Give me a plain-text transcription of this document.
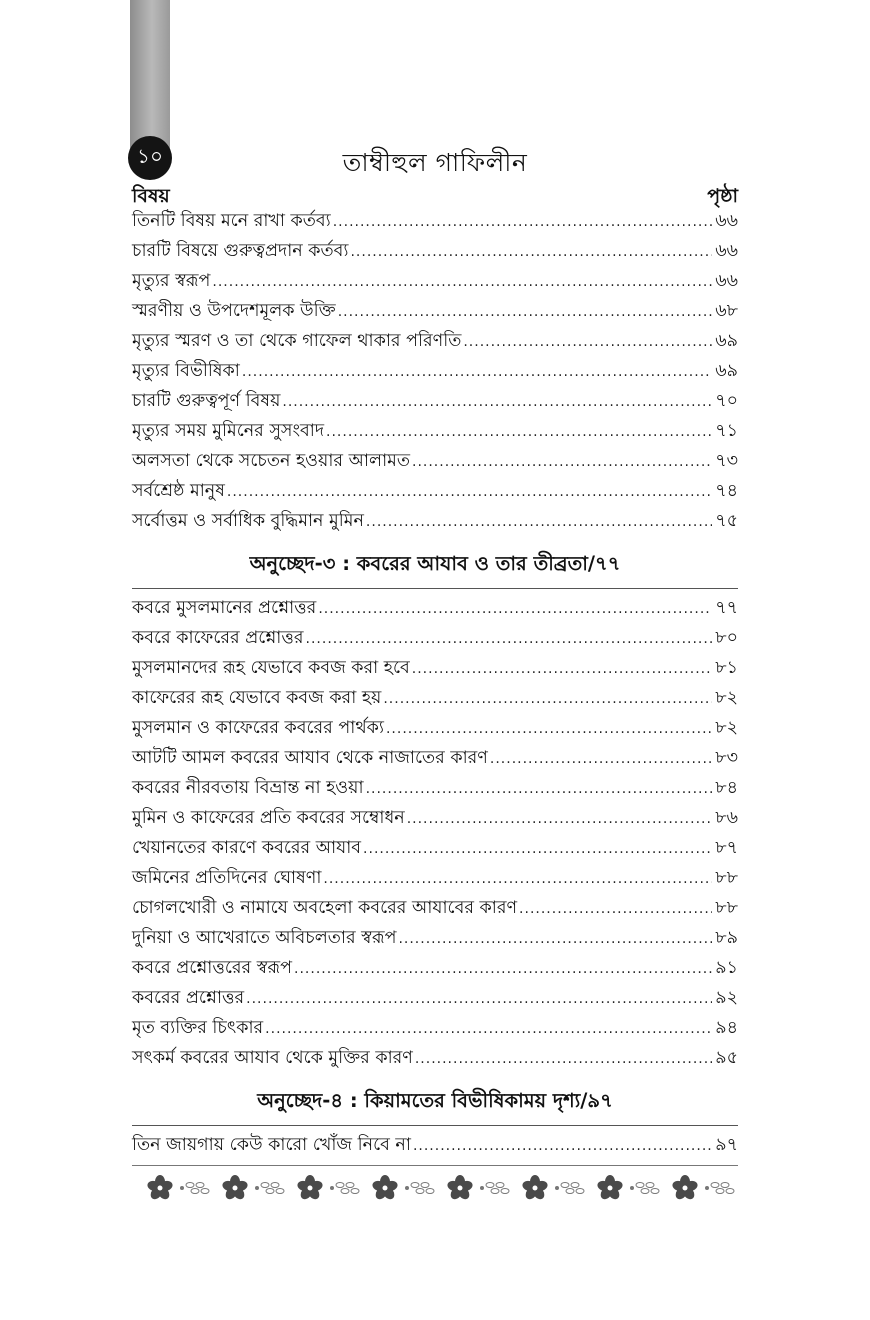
১০	তাম্বীহুল গাফিলীন
বিষয়	পৃষ্ঠা
তিনটি বিষয় মনে রাখা কর্তব্য .....	৬৬
চারটি বিষয়ে গুরুত্বপ্রদান কর্তব্য .....	৬৬
মৃত্যুর স্বরূপ .....	৬৬
স্মরণীয় ও উপদেশমূলক উক্তি .....	৬৮
মৃত্যুর স্মরণ ও তা থেকে গাফেল থাকার পরিণতি .....	৬৯
মৃত্যুর বিভীষিকা .....	৬৯
চারটি গুরুত্বপূর্ণ বিষয় .....	৭০
মৃত্যুর সময় মুমিনের সুসংবাদ .....	৭১
অলসতা থেকে সচেতন হওয়ার আলামত .....	৭৩
সর্বশ্রেষ্ঠ মানুষ .....	৭৪
সর্বোত্তম ও সর্বাধিক বুদ্ধিমান মুমিন .....	৭৫
অনুচ্ছেদ-৩ : কবরের আযাব ও তার তীব্রতা/৭৭
কবরে মুসলমানের প্রশ্নোত্তর .....	৭৭
কবরে কাফেরের প্রশ্নোত্তর .....	৮০
মুসলমানদের রূহ যেভাবে কবজ করা হবে .....	৮১
কাফেরের রূহ যেভাবে কবজ করা হয় .....	৮২
মুসলমান ও কাফেরের কবরের পার্থক্য .....	৮২
আটটি আমল কবরের আযাব থেকে নাজাতের কারণ .....	৮৩
কবরের নীরবতায় বিভ্রান্ত না হওয়া .....	৮৪
মুমিন ও কাফেরের প্রতি কবরের সম্বোধন .....	৮৬
খেয়ানতের কারণে কবরের আযাব .....	৮৭
জমিনের প্রতিদিনের ঘোষণা .....	৮৮
চোগলখোরী ও নামাযে অবহেলা কবরের আযাবের কারণ .....	৮৮
দুনিয়া ও আখেরাতে অবিচলতার স্বরূপ .....	৮৯
কবরে প্রশ্নোত্তরের স্বরূপ .....	৯১
কবরের প্রশ্নোত্তর .....	৯২
মৃত ব্যক্তির চিৎকার .....	৯৪
সৎকর্ম কবরের আযাব থেকে মুক্তির কারণ .....	৯৫
অনুচ্ছেদ-৪ : কিয়ামতের বিভীষিকাময় দৃশ্য/৯৭
তিন জায়গায় কেউ কারো খোঁজ নিবে না .....	৯৭
